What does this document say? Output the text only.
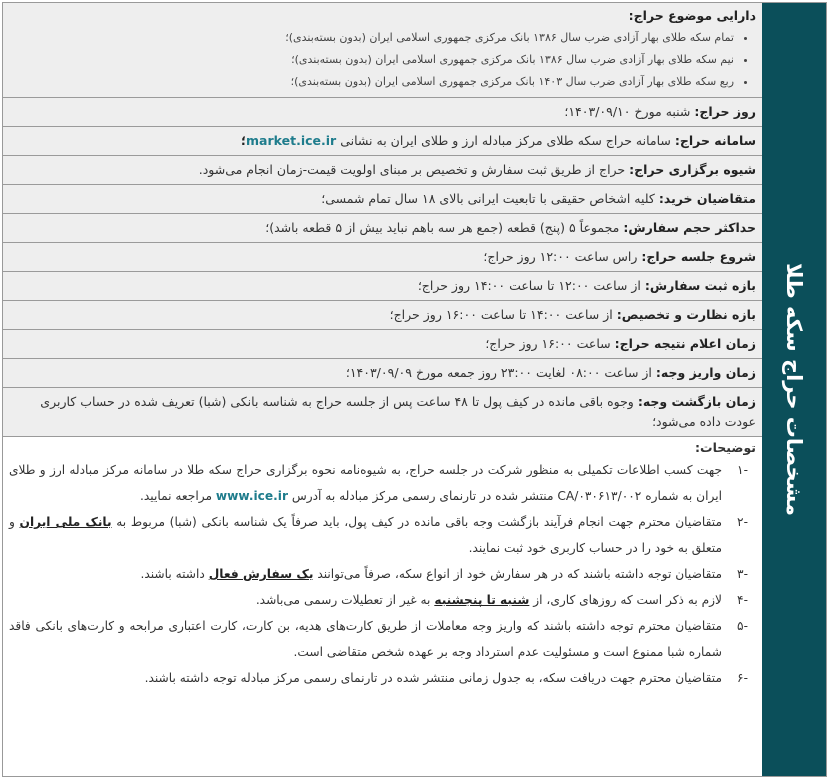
مشخصات حراج سکه طلا
دارایی موضوع حراج:
• تمام سکه طلای بهار آزادی ضرب سال ۱۳۸۶ بانک مرکزی جمهوری اسلامی ایران (بدون بسته‌بندی)؛
• نیم سکه طلای بهار آزادی ضرب سال ۱۳۸۶ بانک مرکزی جمهوری اسلامی ایران (بدون بسته‌بندی)؛
• ربع سکه طلای بهار آزادی ضرب سال ۱۴۰۳ بانک مرکزی جمهوری اسلامی ایران (بدون بسته‌بندی)؛
روز حراج: شنبه مورخ ۱۴۰۳/۰۹/۱۰؛
سامانه حراج: سامانه حراج سکه طلای مرکز مبادله ارز و طلای ایران به نشانی market.ice.ir؛
شیوه برگزاری حراج: حراج از طریق ثبت سفارش و تخصیص بر مبنای اولویت قیمت-زمان انجام می‌شود.
متقاضیان خرید: کلیه اشخاص حقیقی با تابعیت ایرانی بالای ۱۸ سال تمام شمسی؛
حداکثر حجم سفارش: مجموعاً ۵ (پنج) قطعه (جمع هر سه باهم نباید بیش از ۵ قطعه باشد)؛
شروع جلسه حراج: راس ساعت ۱۲:۰۰ روز حراج؛
بازه ثبت سفارش: از ساعت ۱۲:۰۰ تا ساعت ۱۴:۰۰ روز حراج؛
بازه نظارت و تخصیص: از ساعت ۱۴:۰۰ تا ساعت ۱۶:۰۰ روز حراج؛
زمان اعلام نتیجه حراج: ساعت ۱۶:۰۰ روز حراج؛
زمان واریز وجه: از ساعت ۰۸:۰۰ لغایت ۲۳:۰۰ روز جمعه مورخ ۱۴۰۳/۰۹/۰۹؛
زمان بازگشت وجه: وجوه باقی مانده در کیف پول تا ۴۸ ساعت پس از جلسه حراج به شناسه بانکی (شبا) تعریف شده در حساب کاربری عودت داده می‌شود؛
توضیحات:
-۱
جهت کسب اطلاعات تکمیلی به منظور شرکت در جلسه حراج، به شیوه‌نامه نحوه برگزاری حراج سکه طلا در سامانه مرکز مبادله ارز و طلای ایران به شماره CA/۰۳۰۶۱۳/۰۰۲ منتشر شده در تارنمای رسمی مرکز مبادله به آدرس www.ice.ir مراجعه نمایید.
-۲
متقاضیان محترم جهت انجام فرآیند بازگشت وجه باقی مانده در کیف پول، باید صرفاً یک شناسه بانکی (شبا) مربوط به بانک ملی ایران و متعلق به خود را در حساب کاربری خود ثبت نمایند.
-۳
متقاضیان توجه داشته باشند که در هر سفارش خود از انواع سکه، صرفاً می‌توانند یک سفارش فعال داشته باشند.
-۴
لازم به ذکر است که روزهای کاری، از شنبه تا پنجشنبه به غیر از تعطیلات رسمی می‌باشد.
-۵
متقاضیان محترم توجه داشته باشند که واریز وجه معاملات از طریق کارت‌های هدیه، بن کارت، کارت اعتباری مرابحه و کارت‌های بانکی فاقد شماره شبا ممنوع است و مسئولیت عدم استرداد وجه بر عهده شخص متقاضی است.
-۶
متقاضیان محترم جهت دریافت سکه، به جدول زمانی منتشر شده در تارنمای رسمی مرکز مبادله توجه داشته باشند.
